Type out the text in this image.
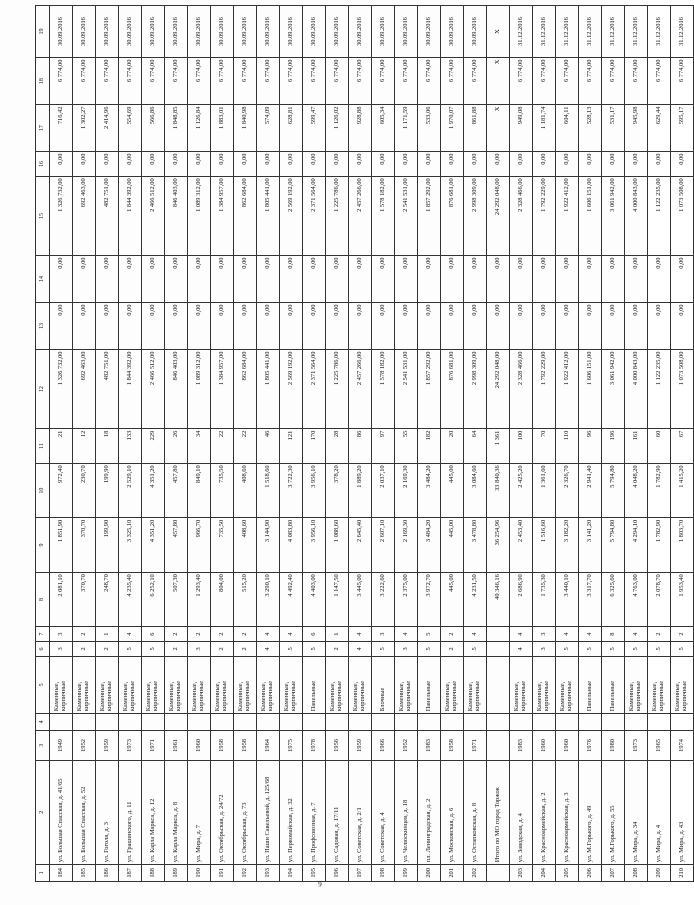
9
1	2	3	4	5	6	7	8	9	10	11	12	13	14	15	16	17	18	19
184	ул. Большая Спасская, д. 41/65	1949		Каменные, кирпичные	3	3	2 081,10	1 851,90	972,40	21	1 326 732,00	0,00	0,00	1 326 732,00	0,00	716,42	6 774,00	30.09.2016
185	ул. Большая Спасская, д. 52	1952		Каменные, кирпичные	2	2	370,70	370,70	230,70	12	692 463,00	0,00	0,00	692 463,00	0,00	1 302,27	6 774,00	30.09.2016
186	ул. Гоголя, д. 3	1959		Каменные, кирпичные	2	1	248,70	199,90	199,90	18	482 751,00	0,00	0,00	482 751,00	0,00	2 414,96	6 774,00	30.09.2016
187	ул. Грашинского, д. 11	1973		Каменные, кирпичные	5	4	4 235,40	3 325,10	2 529,10	133	1 844 392,00	0,00	0,00	1 844 392,00	0,00	554,69	6 774,00	30.09.2016
188	ул. Карла Маркса, д. 12	1971		Каменные, кирпичные	5	6	6 252,10	4 351,20	4 351,20	229	2 466 512,00	0,00	0,00	2 466 512,00	0,00	566,86	6 774,00	30.09.2016
189	ул. Карла Маркса, д. 8	1961		Каменные, кирпичные	2	2	507,30	457,80	457,80	26	846 403,00	0,00	0,00	846 403,00	0,00	1 848,85	6 774,00	30.09.2016
190	ул. Мира, д. 7	1960		Каменные, кирпичные	3	2	1 293,40	966,70	849,10	34	1 089 312,00	0,00	0,00	1 089 312,00	0,00	1 126,84	6 774,00	30.09.2016
191	ул. Октябрьская, д. 24/72	1958		Каменные, кирпичные	2	2	804,00	735,50	735,50	22	1 384 957,00	0,00	0,00	1 384 957,00	0,00	1 883,01	6 774,00	30.09.2016
192	ул. Октябрьская, д. 73	1958		Каменные, кирпичные	2	2	515,20	408,60	408,60	22	862 684,00	0,00	0,00	862 684,00	0,00	1 840,98	6 774,00	30.09.2016
193	ул. Пашн Савельевой, д. 125/68	1964		Каменные, кирпичные	4	4	3 290,10	3 144,90	1 518,60	46	1 805 441,00	0,00	0,00	1 805 441,00	0,00	574,09	6 774,00	30.09.2016
194	ул. Первомайская, д. 32	1975		Каменные, кирпичные	5	4	4 492,40	4 083,80	3 722,30	121	2 569 192,00	0,00	0,00	2 569 192,00	0,00	628,81	6 774,00	30.09.2016
195	ул. Профсоюзная, д. 7	1978		Панельные	5	6	4 403,00	3 956,10	3 956,10	170	2 371 564,00	0,00	0,00	2 371 564,00	0,00	599,47	6 774,00	30.09.2016
196	ул. Садовая, д. 17/11	1956		Каменные, кирпичные	2	1	1 147,50	1 088,60	378,20	28	1 225 786,00	0,00	0,00	1 225 786,00	0,00	1 126,02	6 774,00	30.09.2016
197	ул. Советская, д. 2/1	1959		Каменные, кирпичные	4	4	3 445,00	2 645,40	1 889,20	86	2 457 266,00	0,00	0,00	2 457 266,00	0,00	928,88	6 774,00	30.09.2016
198	ул. Советская, д. 4	1966		Блочные	5	3	3 222,60	2 607,10	2 037,10	97	1 578 182,00	0,00	0,00	1 578 182,00	0,00	605,34	6 774,00	30.09.2016
199	ул. Челюскинцев, д. 18	1952		Каменные, кирпичные	3	4	2 375,00	2 169,30	2 169,30	55	2 541 531,00	0,00	0,00	2 541 531,00	0,00	1 171,59	6 774,00	30.09.2016
200	пл. Ленинградская, д. 2	1983		Панельные	5	5	3 972,70	3 484,20	3 484,20	182	1 857 292,00	0,00	0,00	1 857 292,00	0,00	533,06	6 774,00	30.09.2016
201	ул. Московская, д. 6	1958		Каменные, кирпичные	2	2	445,00	445,00	445,00	20	876 681,00	0,00	0,00	876 681,00	0,00	1 970,07	6 774,00	30.09.2016
202	ул. Остапковская, д. 8	1971		Каменные, кирпичные	5	4	4 231,50	3 478,80	3 084,60	64	2 998 309,00	0,00	0,00	2 998 309,00	0,00	861,88	6 774,00	30.09.2016
	Итого по МО город Торжок						40 346,16	36 254,96	33 840,36	1 361	24 292 048,00	0,00	0,00	24 292 048,00	0,00	X	X	X
203	ул. Заводская, д. 4	1983		Каменные, кирпичные	4	4	2 686,90	2 453,40	2 425,20	100	2 328 466,00	0,00	0,00	2 328 466,00	0,00	949,08	6 774,00	31.12.2016
204	ул. Красноармейская, д. 2	1960		Каменные, кирпичные	3	3	1 735,30	1 516,60	1 361,60	70	1 792 229,00	0,00	0,00	1 792 229,00	0,00	1 181,74	6 774,00	31.12.2016
205	ул. Красноармейская, д. 3	1960		Каменные, кирпичные	5	4	3 440,10	3 182,20	2 326,70	110	1 922 412,00	0,00	0,00	1 922 412,00	0,00	604,11	6 774,00	31.12.2016
206	ул. М.Горького, д. 49	1976		Панельные	5	4	3 317,70	3 141,20	2 941,40	96	1 606 151,00	0,00	0,00	1 606 151,00	0,00	528,13	6 774,00	31.12.2016
207	ул. М.Горького, д. 55	1980		Панельные	5	8	6 325,60	5 794,80	5 794,80	196	3 061 942,00	0,00	0,00	3 061 942,00	0,00	531,17	6 774,00	31.12.2016
208	ул. Мира, д. 34	1973		Каменные, кирпичные	5	4	4 763,00	4 294,10	4 048,20	161	4 000 843,00	0,00	0,00	4 000 843,00	0,00	945,98	6 774,00	31.12.2016
209	ул. Мира, д. 4	1965		Каменные, кирпичные	5	2	2 078,70	1 782,90	1 782,90	60	1 122 235,00	0,00	0,00	1 122 235,00	0,00	629,44	6 774,00	31.12.2016
210	ул. Мира, д. 43	1974		Каменные, кирпичные	5	2	1 953,40	1 803,70	1 415,20	67	1 073 508,00	0,00	0,00	1 073 508,00	0,00	595,17	6 774,00	31.12.2016
